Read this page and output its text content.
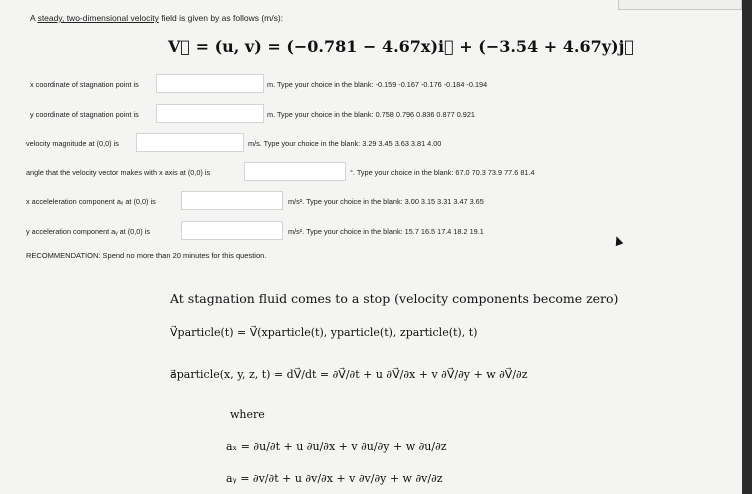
A steady, two-dimensional velocity field is given by as follows (m/s):
V⃗ = (u, v) = (−0.781 − 4.67x)i⃗ + (−3.54 + 4.67y)j⃗
x coordinate of stagnation point is	m. Type your choice in the blank: -0.159 -0.167 -0.176 -0.184 -0.194
y coordinate of stagnation point is	m. Type your choice in the blank: 0.758 0.796 0.836 0.877 0.921
velocity magnitude at (0,0) is	m/s. Type your choice in the blank: 3.29 3.45 3.63 3.81 4.00
angle that the velocity vector makes with x axis at (0,0) is	°. Type your choice in the blank: 67.0 70.3 73.9 77.6 81.4
x acceleleration component aₓ at (0,0) is	m/s². Type your choice in the blank: 3.00 3.15 3.31 3.47 3.65
y acceleration component aᵧ at (0,0) is	m/s². Type your choice in the blank: 15.7 16.5 17.4 18.2 19.1
RECOMMENDATION: Spend no more than 20 minutes for this question.
At stagnation fluid comes to a stop (velocity components become zero)
V⃗particle(t) = V⃗(xparticle(t), yparticle(t), zparticle(t), t)
a⃗particle(x, y, z, t) = dV⃗/dt = ∂V⃗/∂t + u ∂V⃗/∂x + v ∂V⃗/∂y + w ∂V⃗/∂z
where
aₓ = ∂u/∂t + u ∂u/∂x + v ∂u/∂y + w ∂u/∂z
aᵧ = ∂v/∂t + u ∂v/∂x + v ∂v/∂y + w ∂v/∂z
